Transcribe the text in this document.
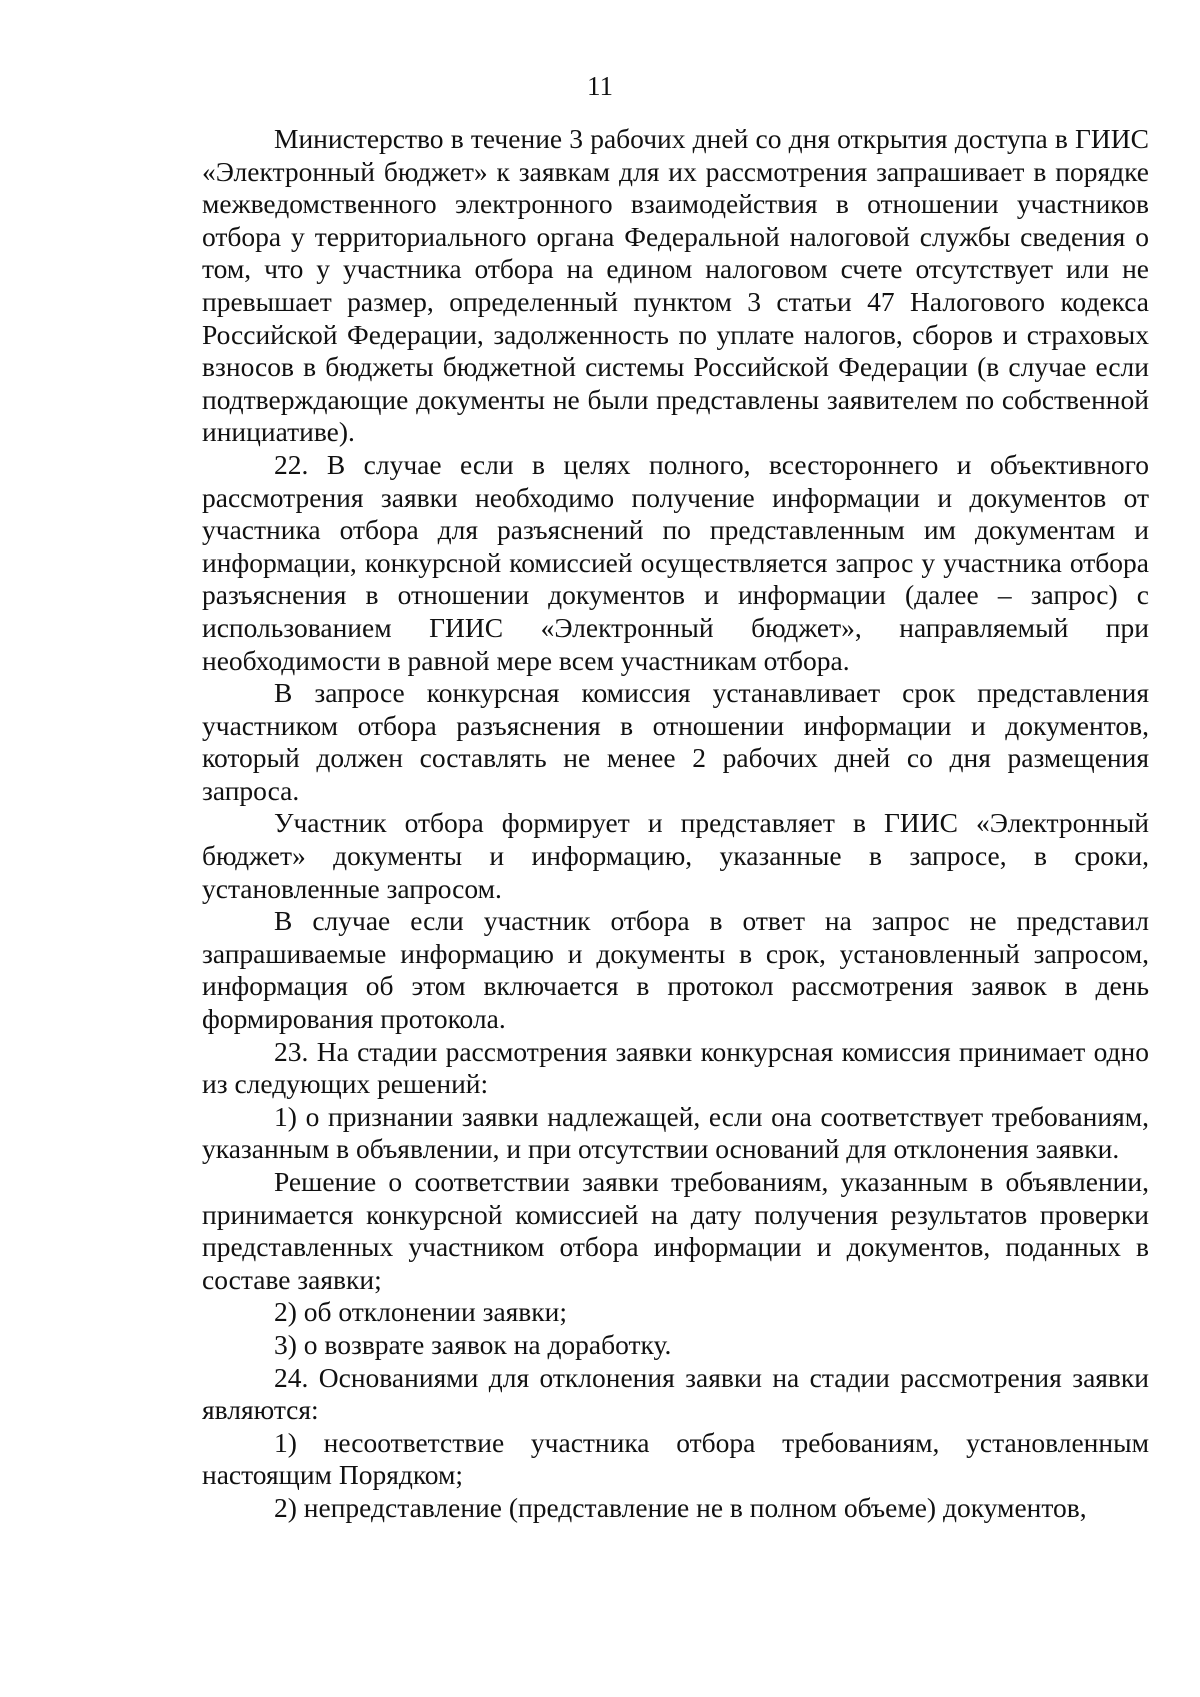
11

Министерство в течение 3 рабочих дней со дня открытия доступа в ГИИС «Электронный бюджет» к заявкам для их рассмотрения запрашивает в порядке межведомственного электронного взаимодействия в отношении участников отбора у территориального органа Федеральной налоговой службы сведения о том, что у участника отбора на едином налоговом счете отсутствует или не превышает размер, определенный пунктом 3 статьи 47 Налогового кодекса Российской Федерации, задолженность по уплате налогов, сборов и страховых взносов в бюджеты бюджетной системы Российской Федерации (в случае если подтверждающие документы не были представлены заявителем по собственной инициативе).

22. В случае если в целях полного, всестороннего и объективного рассмотрения заявки необходимо получение информации и документов от участника отбора для разъяснений по представленным им документам и информации, конкурсной комиссией осуществляется запрос у участника отбора разъяснения в отношении документов и информации (далее – запрос) с использованием ГИИС «Электронный бюджет», направляемый при необходимости в равной мере всем участникам отбора.

В запросе конкурсная комиссия устанавливает срок представления участником отбора разъяснения в отношении информации и документов, который должен составлять не менее 2 рабочих дней со дня размещения запроса.

Участник отбора формирует и представляет в ГИИС «Электронный бюджет» документы и информацию, указанные в запросе, в сроки, установленные запросом.

В случае если участник отбора в ответ на запрос не представил запрашиваемые информацию и документы в срок, установленный запросом, информация об этом включается в протокол рассмотрения заявок в день формирования протокола.

23. На стадии рассмотрения заявки конкурсная комиссия принимает одно из следующих решений:

1) о признании заявки надлежащей, если она соответствует требованиям, указанным в объявлении, и при отсутствии оснований для отклонения заявки.

Решение о соответствии заявки требованиям, указанным в объявлении, принимается конкурсной комиссией на дату получения результатов проверки представленных участником отбора информации и документов, поданных в составе заявки;

2) об отклонении заявки;

3) о возврате заявок на доработку.

24. Основаниями для отклонения заявки на стадии рассмотрения заявки являются:

1) несоответствие участника отбора требованиям, установленным настоящим Порядком;

2) непредставление (представление не в полном объеме) документов,
